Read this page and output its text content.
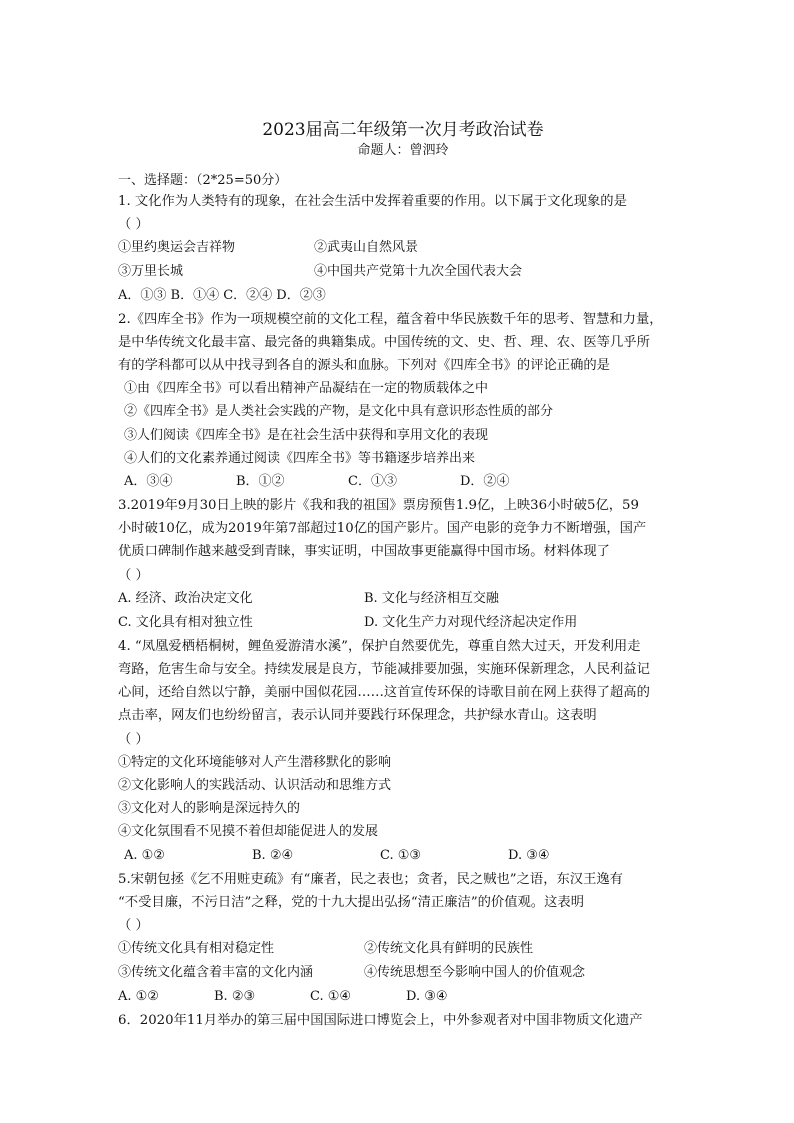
2023届高二年级第一次月考政治试卷
命题人：曾泗玲
一、选择题：（2*25=50分）
1. 文化作为人类特有的现象，在社会生活中发挥着重要的作用。以下属于文化现象的是
（ ）
①里约奥运会吉祥物	②武夷山自然风景
③万里长城	④中国共产党第十九次全国代表大会
A．①③ B．①④ C．②④ D．②③
2.《四库全书》作为一项规模空前的文化工程，蕴含着中华民族数千年的思考、智慧和力量，
是中华传统文化最丰富、最完备的典籍集成。中国传统的文、史、哲、理、农、医等几乎所
有的学科都可以从中找寻到各自的源头和血脉。下列对《四库全书》的评论正确的是
①由《四库全书》可以看出精神产品凝结在一定的物质载体之中
②《四库全书》是人类社会实践的产物，是文化中具有意识形态性质的部分
③人们阅读《四库全书》是在社会生活中获得和享用文化的表现
④人们的文化素养通过阅读《四库全书》等书籍逐步培养出来
A．③④	B．①②	C．①③	D．②④
3.2019年9月30日上映的影片《我和我的祖国》票房预售1.9亿，上映36小时破5亿，59
小时破10亿，成为2019年第7部超过10亿的国产影片。国产电影的竞争力不断增强，国产
优质口碑制作越来越受到青睐，事实证明，中国故事更能赢得中国市场。材料体现了
（ ）
A. 经济、政治决定文化	B. 文化与经济相互交融
C. 文化具有相对独立性	D. 文化生产力对现代经济起决定作用
4. “凤凰爱栖梧桐树，鲤鱼爱游清水溪”，保护自然要优先，尊重自然大过天，开发利用走
弯路，危害生命与安全。持续发展是良方，节能减排要加强，实施环保新理念，人民利益记
心间，还给自然以宁静，美丽中国似花园……这首宣传环保的诗歌目前在网上获得了超高的
点击率，网友们也纷纷留言，表示认同并要践行环保理念，共护绿水青山。这表明
（ ）
①特定的文化环境能够对人产生潜移默化的影响
②文化影响人的实践活动、认识活动和思维方式
③文化对人的影响是深远持久的
④文化氛围看不见摸不着但却能促进人的发展
A. ①②	B. ②④	C. ①③	D. ③④
5.宋朝包拯《乞不用赃吏疏》有“廉者，民之表也；贪者，民之贼也”之语，东汉王逸有
“不受目廉，不污日洁”之释，党的十九大提出弘扬“清正廉洁”的价值观。这表明
（ ）
①传统文化具有相对稳定性	②传统文化具有鲜明的民族性
③传统文化蕴含着丰富的文化内涵	④传统思想至今影响中国人的价值观念
A. ①②	B. ②③	C. ①④	D. ③④
6．2020年11月举办的第三届中国国际进口博览会上，中外参观者对中国非物质文化遗产
